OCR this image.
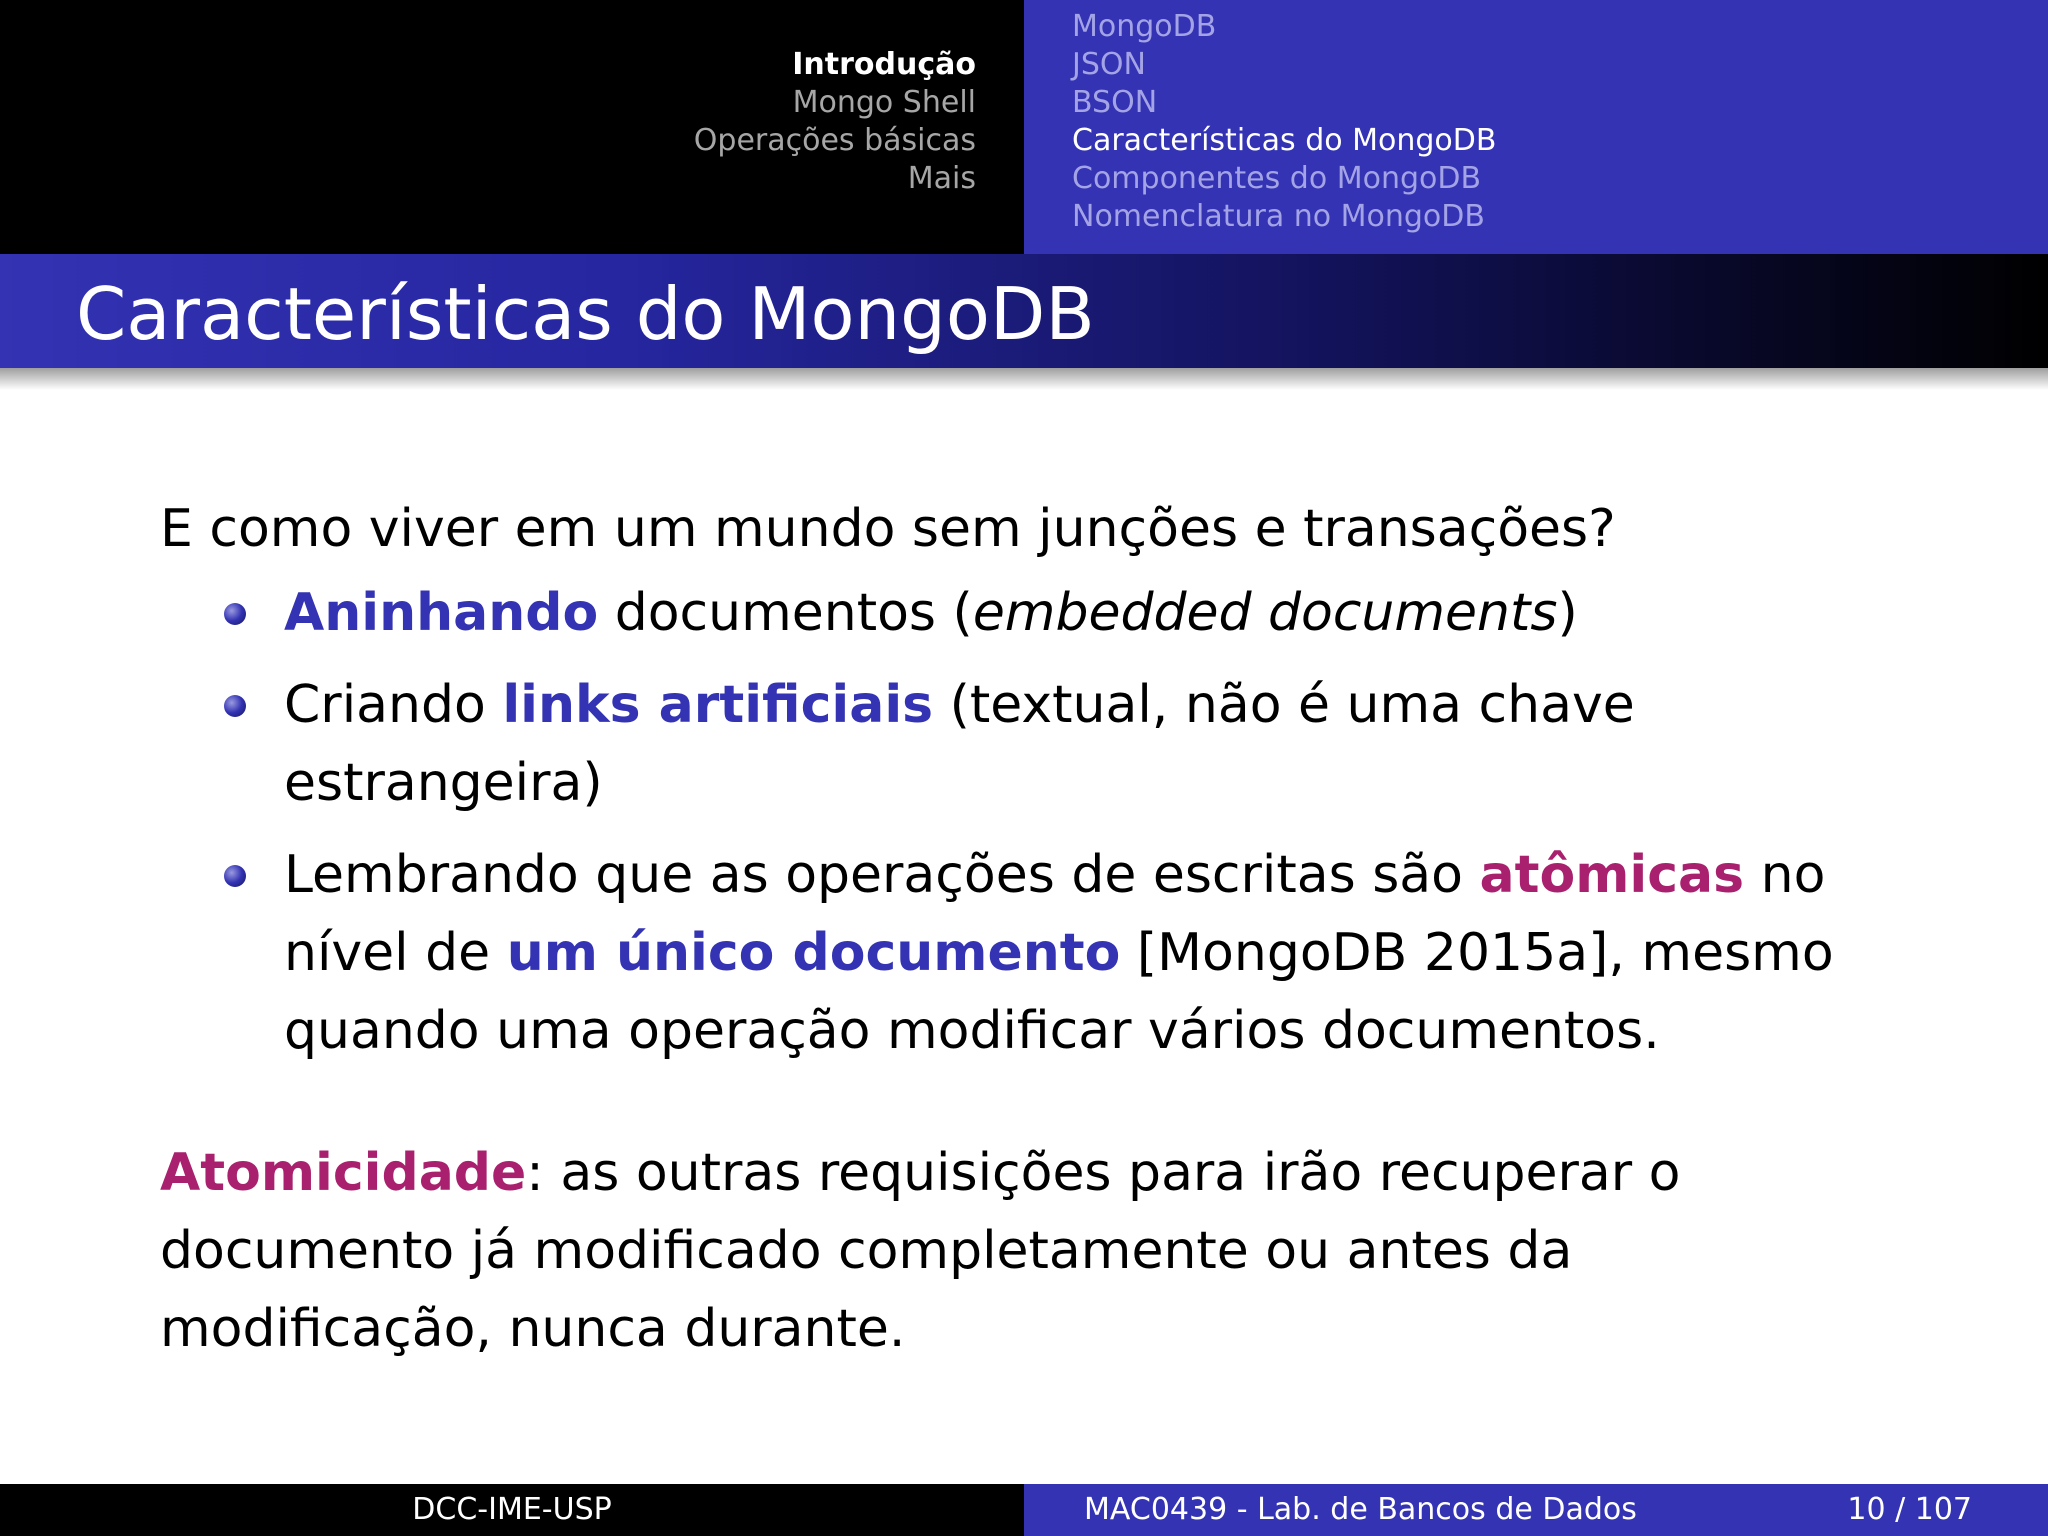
Introdução
Mongo Shell
Operações básicas
Mais
MongoDB
JSON
BSON
Características do MongoDB
Componentes do MongoDB
Nomenclatura no MongoDB
Características do MongoDB

E como viver em um mundo sem junções e transações?

Aninhando documentos (embedded documents)
Criando links artificiais (textual, não é uma chave estrangeira)
Lembrando que as operações de escritas são atômicas no nível de um único documento [MongoDB 2015a], mesmo quando uma operação modificar vários documentos.

Atomicidade: as outras requisições para irão recuperar o documento já modificado completamente ou antes da modificação, nunca durante.

DCC-IME-USP	MAC0439 - Lab. de Bancos de Dados	10 / 107
